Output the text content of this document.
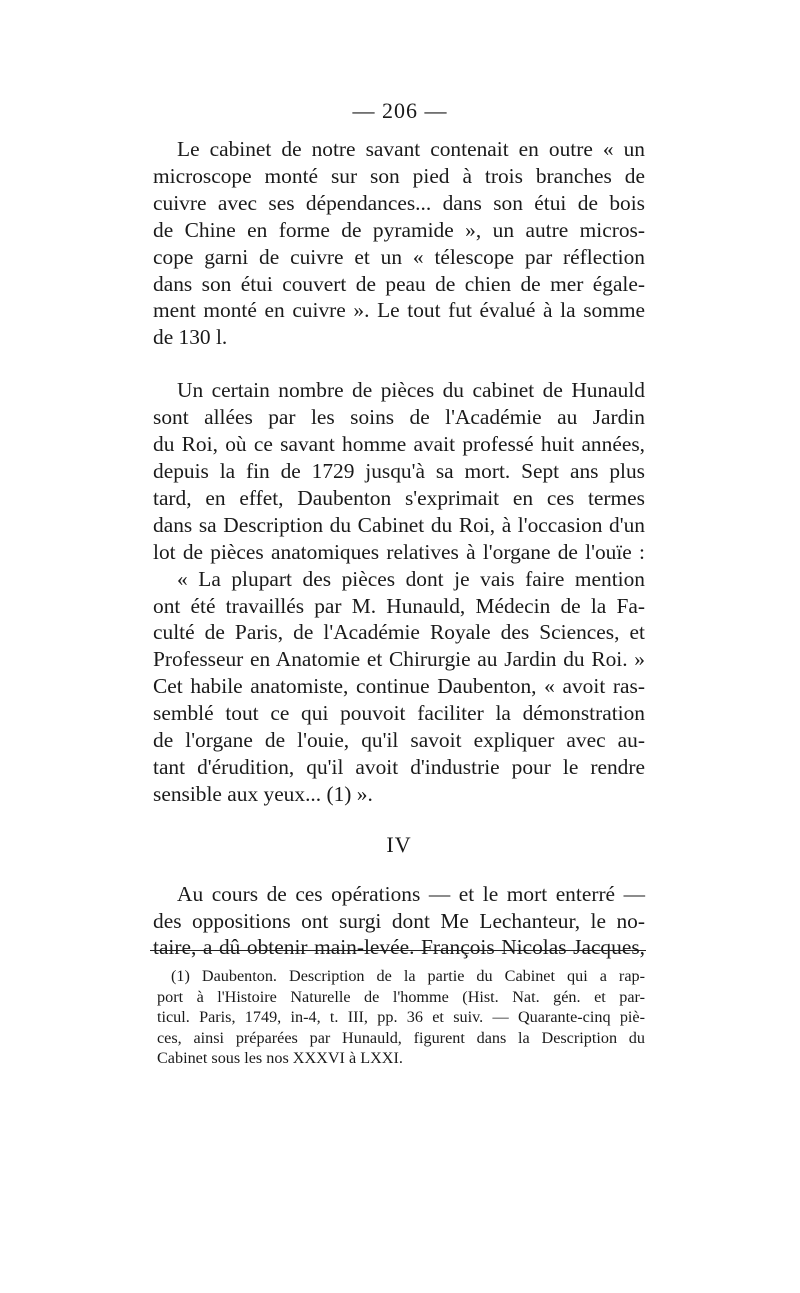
— 206 —
Le cabinet de notre savant contenait en outre « un
microscope monté sur son pied à trois branches de
cuivre avec ses dépendances... dans son étui de bois
de Chine en forme de pyramide », un autre micros-
cope garni de cuivre et un « télescope par réflection
dans son étui couvert de peau de chien de mer égale-
ment monté en cuivre ». Le tout fut évalué à la somme
de 130 l.
Un certain nombre de pièces du cabinet de Hunauld
sont allées par les soins de l'Académie au Jardin
du Roi, où ce savant homme avait professé huit années,
depuis la fin de 1729 jusqu'à sa mort. Sept ans plus
tard, en effet, Daubenton s'exprimait en ces termes
dans sa Description du Cabinet du Roi, à l'occasion d'un
lot de pièces anatomiques relatives à l'organe de l'ouïe :
« La plupart des pièces dont je vais faire mention
ont été travaillés par M. Hunauld, Médecin de la Fa-
culté de Paris, de l'Académie Royale des Sciences, et
Professeur en Anatomie et Chirurgie au Jardin du Roi. »
Cet habile anatomiste, continue Daubenton, « avoit ras-
semblé tout ce qui pouvoit faciliter la démonstration
de l'organe de l'ouie, qu'il savoit expliquer avec au-
tant d'érudition, qu'il avoit d'industrie pour le rendre
sensible aux yeux... (1) ».
IV
Au cours de ces opérations — et le mort enterré —
des oppositions ont surgi dont Me Lechanteur, le no-
taire, a dû obtenir main-levée. François Nicolas Jacques,
(1) Daubenton. Description de la partie du Cabinet qui a rap-
port à l'Histoire Naturelle de l'homme (Hist. Nat. gén. et par-
ticul. Paris, 1749, in-4, t. III, pp. 36 et suiv. — Quarante-cinq piè-
ces, ainsi préparées par Hunauld, figurent dans la Description du
Cabinet sous les nos XXXVI à LXXI.
